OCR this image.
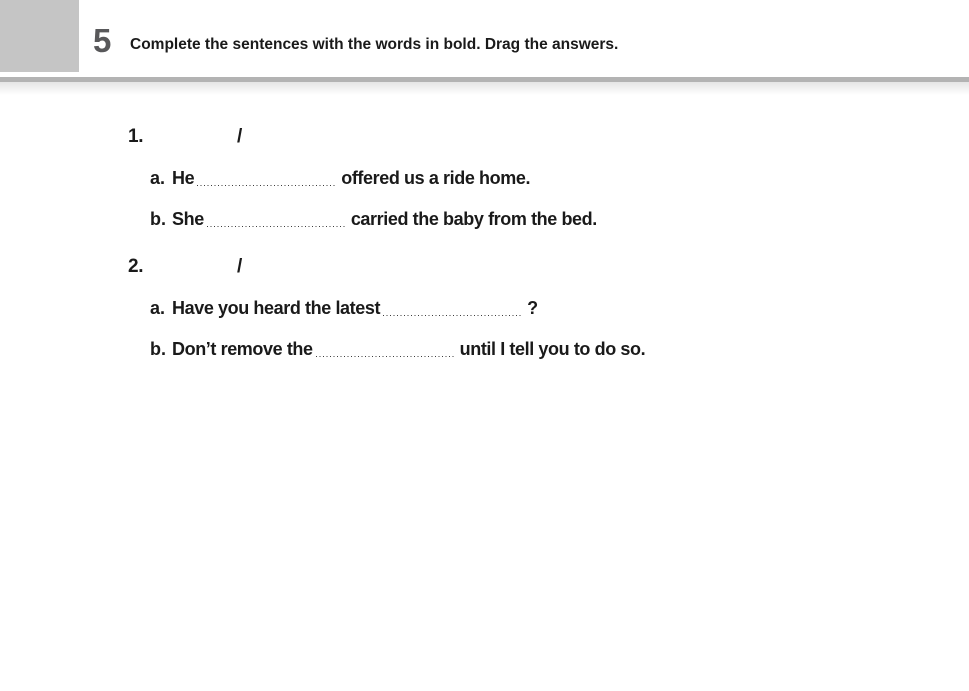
5 Complete the sentences with the words in bold. Drag the answers.
1.	/
a. He	offered us a ride home.
b. She	carried the baby from the bed.
2.	/
a. Have you heard the latest	?
b. Don’t remove the	until I tell you to do so.
